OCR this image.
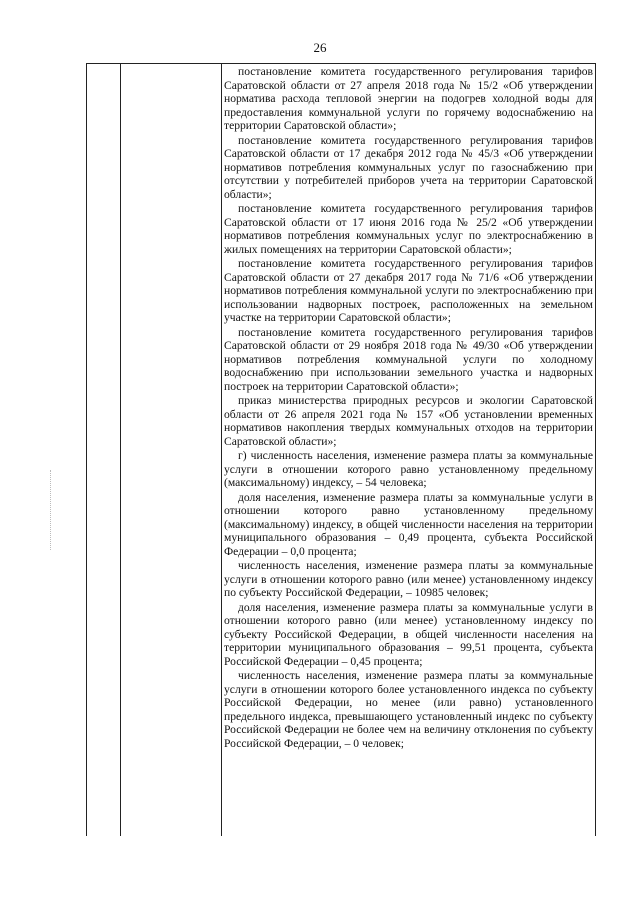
26

постановление комитета государственного регулирования тарифов Саратовской области от 27 апреля 2018 года № 15/2 «Об утверждении норматива расхода тепловой энергии на подогрев холодной воды для предоставления коммунальной услуги по горячему водоснабжению на территории Саратовской области»;

постановление комитета государственного регулирования тарифов Саратовской области от 17 декабря 2012 года № 45/3 «Об утверждении нормативов потребления коммунальных услуг по газоснабжению при отсутствии у потребителей приборов учета на территории Саратовской области»;

постановление комитета государственного регулирования тарифов Саратовской области от 17 июня 2016 года № 25/2 «Об утверждении нормативов потребления коммунальных услуг по электроснабжению в жилых помещениях на территории Саратовской области»;

постановление комитета государственного регулирования тарифов Саратовской области от 27 декабря 2017 года № 71/6 «Об утверждении нормативов потребления коммунальной услуги по электроснабжению при использовании надворных построек, расположенных на земельном участке на территории Саратовской области»;

постановление комитета государственного регулирования тарифов Саратовской области от 29 ноября 2018 года № 49/30 «Об утверждении нормативов потребления коммунальной услуги по холодному водоснабжению при использовании земельного участка и надворных построек на территории Саратовской области»;

приказ министерства природных ресурсов и экологии Саратовской области от 26 апреля 2021 года № 157 «Об установлении временных нормативов накопления твердых коммунальных отходов на территории Саратовской области»;

г) численность населения, изменение размера платы за коммунальные услуги в отношении которого равно установленному предельному (максимальному) индексу, – 54 человека;

доля населения, изменение размера платы за коммунальные услуги в отношении которого равно установленному предельному (максимальному) индексу, в общей численности населения на территории муниципального образования – 0,49 процента, субъекта Российской Федерации – 0,0 процента;

численность населения, изменение размера платы за коммунальные услуги в отношении которого равно (или менее) установленному индексу по субъекту Российской Федерации, – 10985 человек;

доля населения, изменение размера платы за коммунальные услуги в отношении которого равно (или менее) установленному индексу по субъекту Российской Федерации, в общей численности населения на территории муниципального образования – 99,51 процента, субъекта Российской Федерации – 0,45 процента;

численность населения, изменение размера платы за коммунальные услуги в отношении которого более установленного индекса по субъекту Российской Федерации, но менее (или равно) установленного предельного индекса, превышающего установленный индекс по субъекту Российской Федерации не более чем на величину отклонения по субъекту Российской Федерации, – 0 человек;
